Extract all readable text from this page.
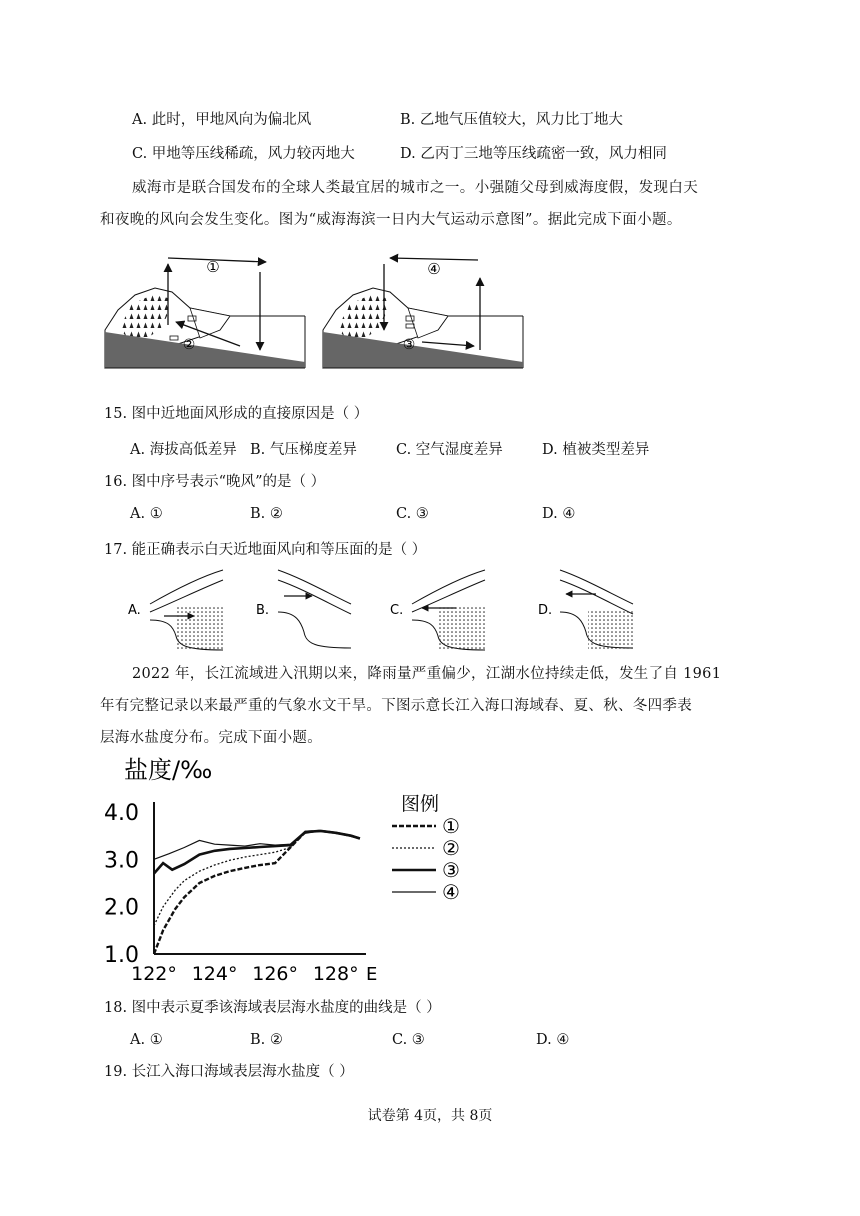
A. 此时，甲地风向为偏北风	B. 乙地气压值较大，风力比丁地大
C. 甲地等压线稀疏，风力较丙地大	D. 乙丙丁三地等压线疏密一致，风力相同
威海市是联合国发布的全球人类最宜居的城市之一。小强随父母到威海度假，发现白天
和夜晚的风向会发生变化。图为“威海海滨一日内大气运动示意图”。据此完成下面小题。
①
②
④
③
15. 图中近地面风形成的直接原因是（ ）
A. 海拔高低差异 B. 气压梯度差异	C. 空气湿度差异	D. 植被类型差异
16. 图中序号表示“晚风”的是（ ）
A. ①	B. ②	C. ③	D. ④
17. 能正确表示白天近地面风向和等压面的是（ ）
A.	B.	C.	D.
2022 年，长江流域进入汛期以来，降雨量严重偏少，江湖水位持续走低，发生了自 1961
年有完整记录以来最严重的气象水文干旱。下图示意长江入海口海域春、夏、秋、冬四季表
层海水盐度分布。完成下面小题。
盐度/‰
4.0
3.0
2.0
1.0
122° 124° 126° 128° E
图例
①
②
③
④
18. 图中表示夏季该海域表层海水盐度的曲线是（ ）
A. ①	B. ②	C. ③	D. ④
19. 长江入海口海域表层海水盐度（ ）
试卷第 4页，共 8页
